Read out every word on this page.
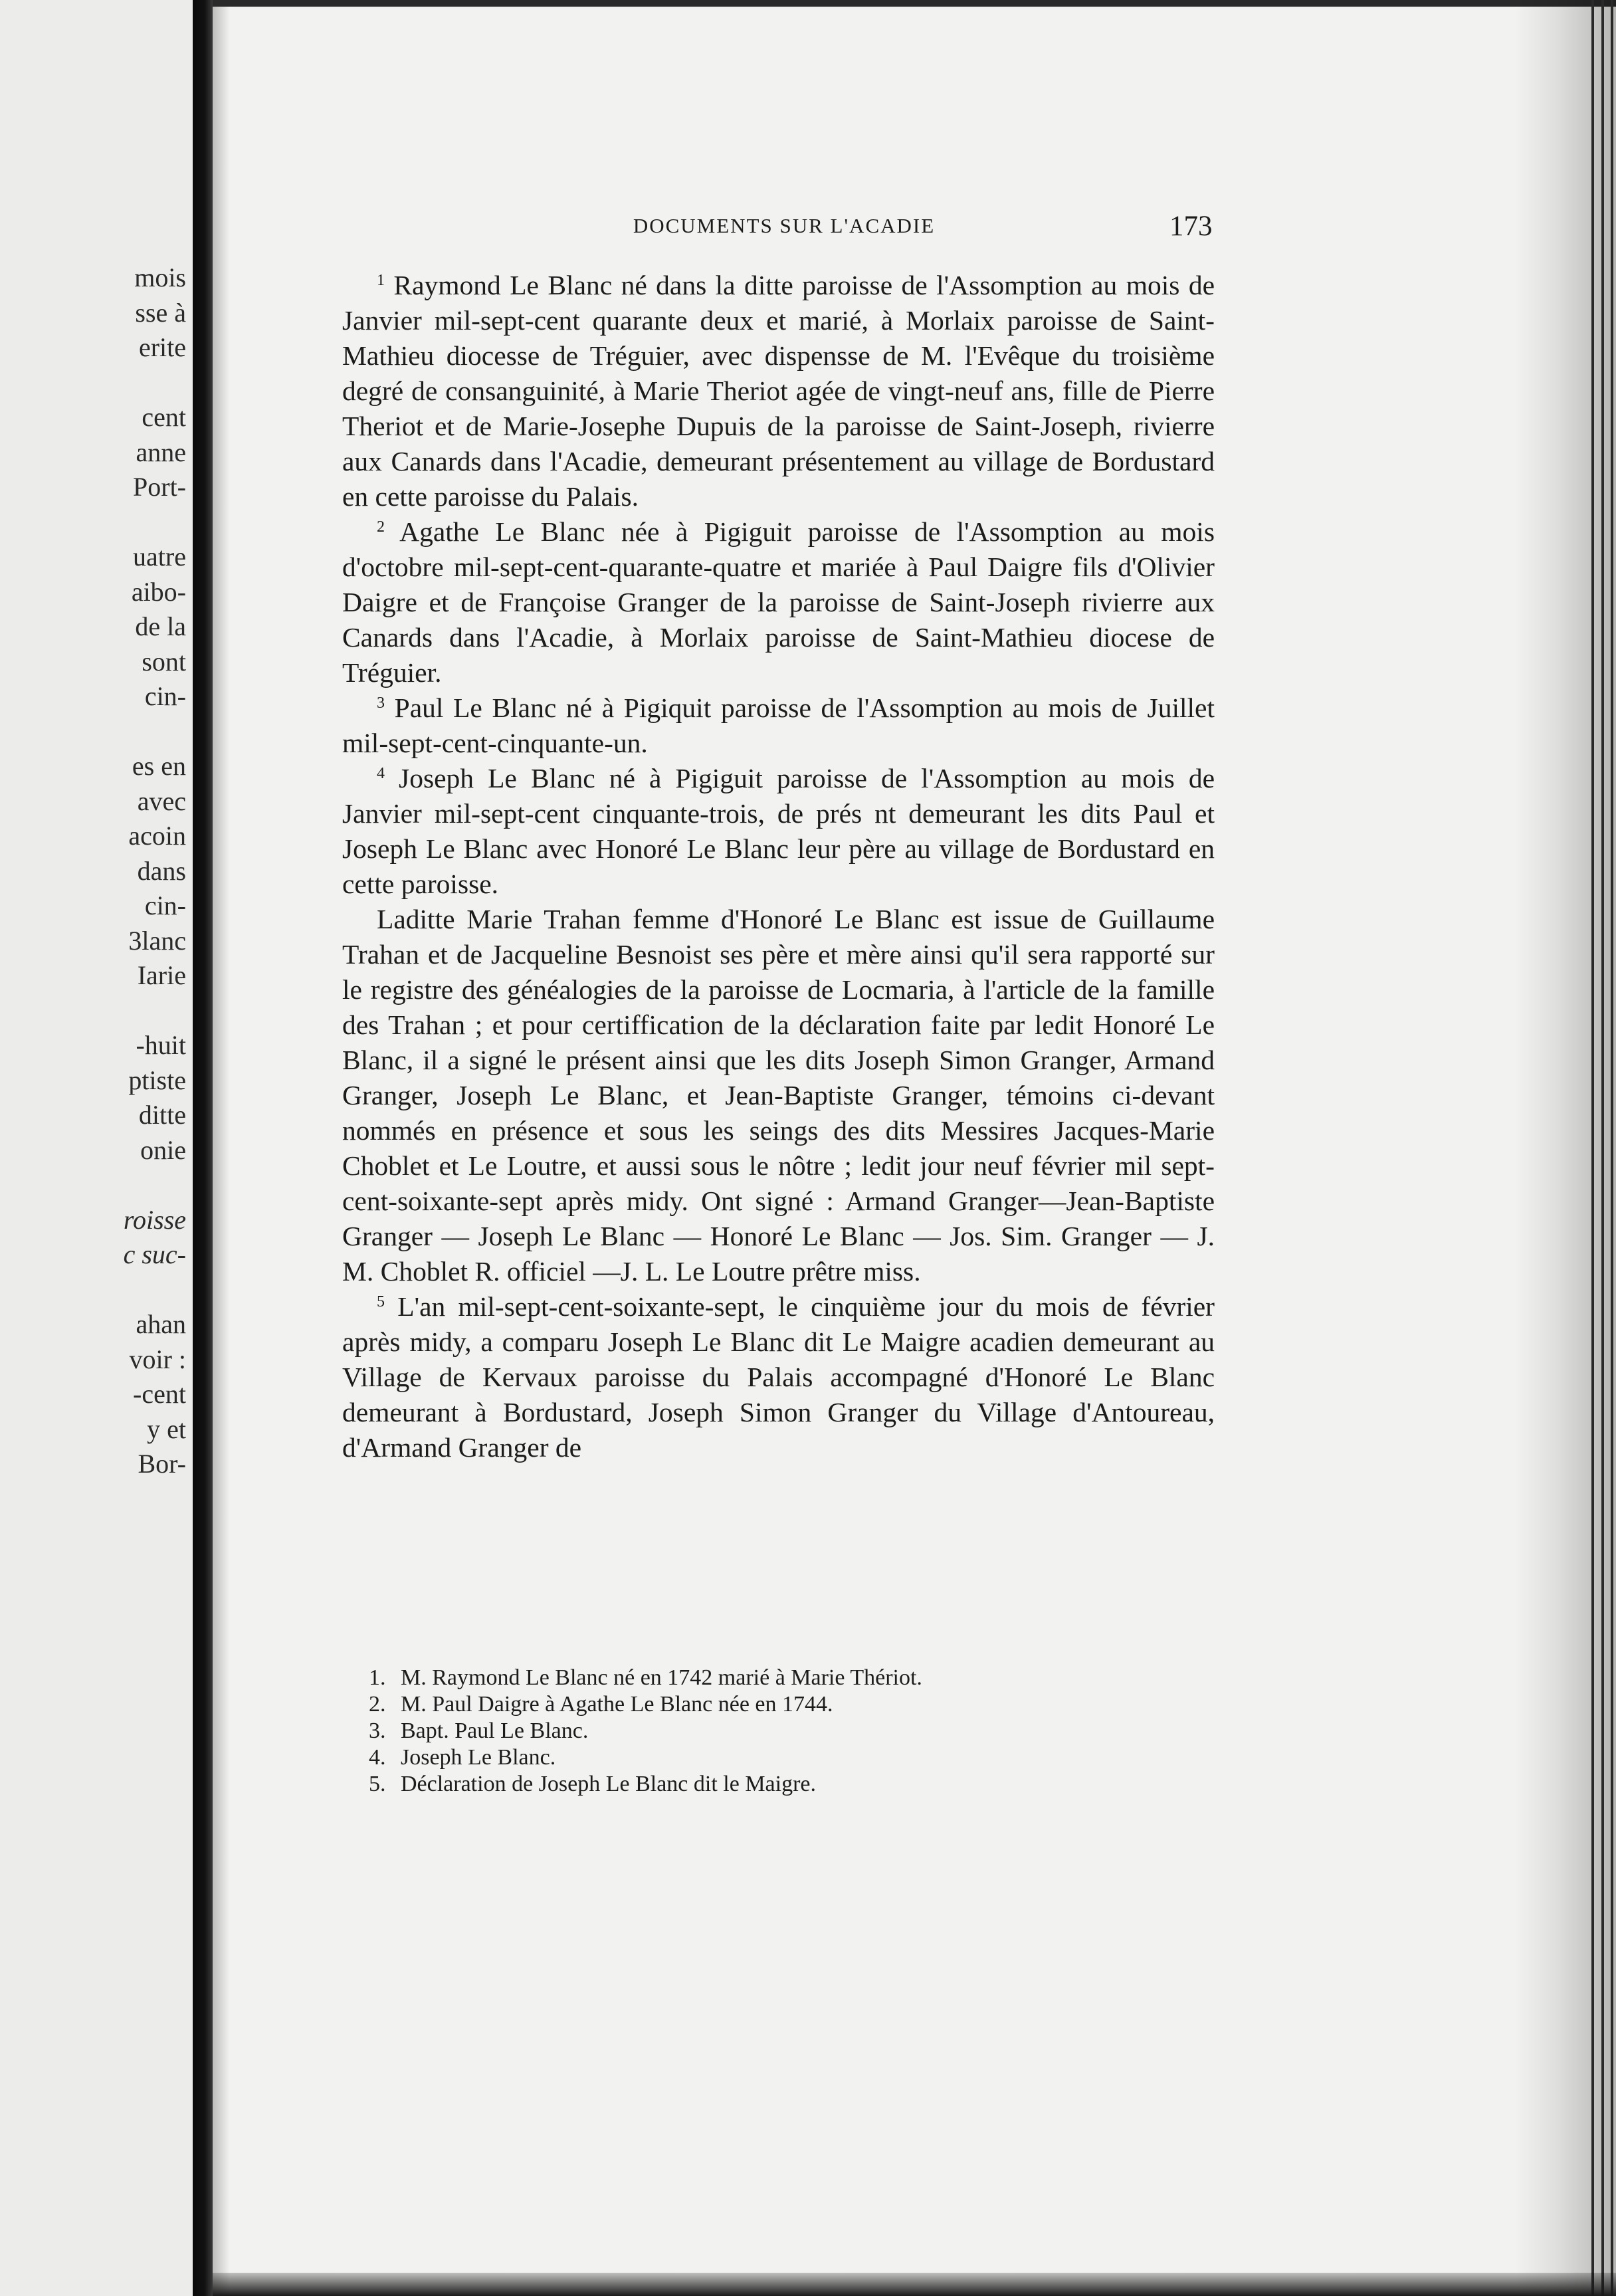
mois
sse à
erite
cent
anne
Port-
uatre
aibo-
de la
sont
cin-
es en
avec
acoin
dans
cin-
3lanc
Iarie
-huit
ptiste
ditte
onie
roisse
c suc-
ahan
voir :
-cent
y et
Bor-
DOCUMENTS SUR L'ACADIE	173

$^1$ Raymond Le Blanc né dans la ditte paroisse de l'Assomption au mois de Janvier mil-sept-cent quarante deux et marié, à Morlaix paroisse de Saint-Mathieu diocesse de Tréguier, avec dispensse de M. l'Evêque du troisième degré de consanguinité, à Marie Theriot agée de vingt-neuf ans, fille de Pierre Theriot et de Marie-Josephe Dupuis de la paroisse de Saint-Joseph, rivierre aux Canards dans l'Acadie, demeurant présentement au village de Bordustard en cette paroisse du Palais.

$^2$ Agathe Le Blanc née à Pigiguit paroisse de l'Assomption au mois d'octobre mil-sept-cent-quarante-quatre et mariée à Paul Daigre fils d'Olivier Daigre et de Françoise Granger de la paroisse de Saint-Joseph rivierre aux Canards dans l'Acadie, à Morlaix paroisse de Saint-Mathieu diocese de Tréguier.

$^3$ Paul Le Blanc né à Pigiquit paroisse de l'Assomption au mois de Juillet mil-sept-cent-cinquante-un.

$^4$ Joseph Le Blanc né à Pigiguit paroisse de l'Assomption au mois de Janvier mil-sept-cent cinquante-trois, de prés nt demeurant les dits Paul et Joseph Le Blanc avec Honoré Le Blanc leur père au village de Bordustard en cette paroisse.

Laditte Marie Trahan femme d'Honoré Le Blanc est issue de Guillaume Trahan et de Jacqueline Besnoist ses père et mère ainsi qu'il sera rapporté sur le registre des généalogies de la paroisse de Locmaria, à l'article de la famille des Trahan ; et pour certiffication de la déclaration faite par ledit Honoré Le Blanc, il a signé le présent ainsi que les dits Joseph Simon Granger, Armand Granger, Joseph Le Blanc, et Jean-Baptiste Granger, témoins ci-devant nommés en présence et sous les seings des dits Messires Jacques-Marie Choblet et Le Loutre, et aussi sous le nôtre ; ledit jour neuf février mil sept-cent-soixante-sept après midy. Ont signé : Armand Granger—Jean-Baptiste Granger — Joseph Le Blanc — Honoré Le Blanc — Jos. Sim. Granger — J. M. Choblet R. officiel —J. L. Le Loutre prêtre miss.

$^5$ L'an mil-sept-cent-soixante-sept, le cinquième jour du mois de février après midy, a comparu Joseph Le Blanc dit Le Maigre acadien demeurant au Village de Kervaux paroisse du Palais accompagné d'Honoré Le Blanc demeurant à Bordustard, Joseph Simon Granger du Village d'Antoureau, d'Armand Granger de

1. M. Raymond Le Blanc né en 1742 marié à Marie Thériot.
2. M. Paul Daigre à Agathe Le Blanc née en 1744.
3. Bapt. Paul Le Blanc.
4. Joseph Le Blanc.
5. Déclaration de Joseph Le Blanc dit le Maigre.
